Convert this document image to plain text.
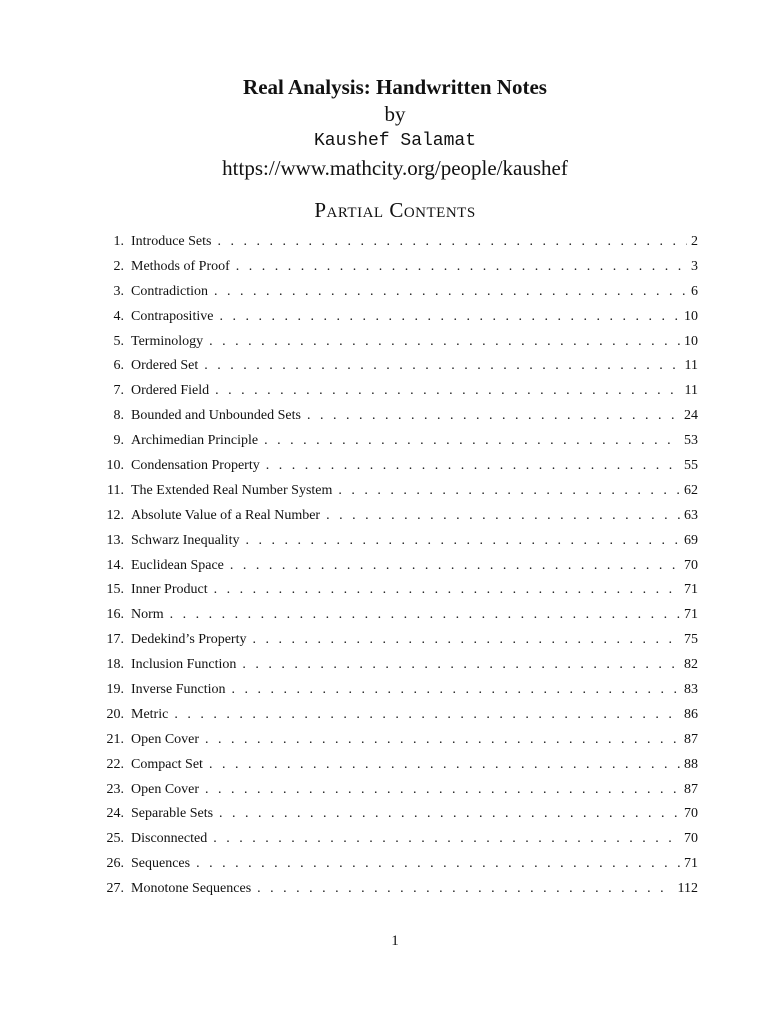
Real Analysis: Handwritten Notes

by

Kaushef Salamat

https://www.mathcity.org/people/kaushef

Partial Contents
1. Introduce Sets . . .	2
2. Methods of Proof . . .	3
3. Contradiction . . .	6
4. Contrapositive . . .	10
5. Terminology . . .	10
6. Ordered Set . . .	11
7. Ordered Field . . .	11
8. Bounded and Unbounded Sets . . .	24
9. Archimedian Principle . . .	53
10. Condensation Property . . .	55
11. The Extended Real Number System . . .	62
12. Absolute Value of a Real Number . . .	63
13. Schwarz Inequality . . .	69
14. Euclidean Space . . .	70
15. Inner Product . . .	71
16. Norm . . .	71
17. Dedekind’s Property . . .	75
18. Inclusion Function . . .	82
19. Inverse Function . . .	83
20. Metric . . .	86
21. Open Cover . . .	87
22. Compact Set . . .	88
23. Open Cover . . .	87
24. Separable Sets . . .	70
25. Disconnected . . .	70
26. Sequences . . .	71
27. Monotone Sequences . . .	112
1
